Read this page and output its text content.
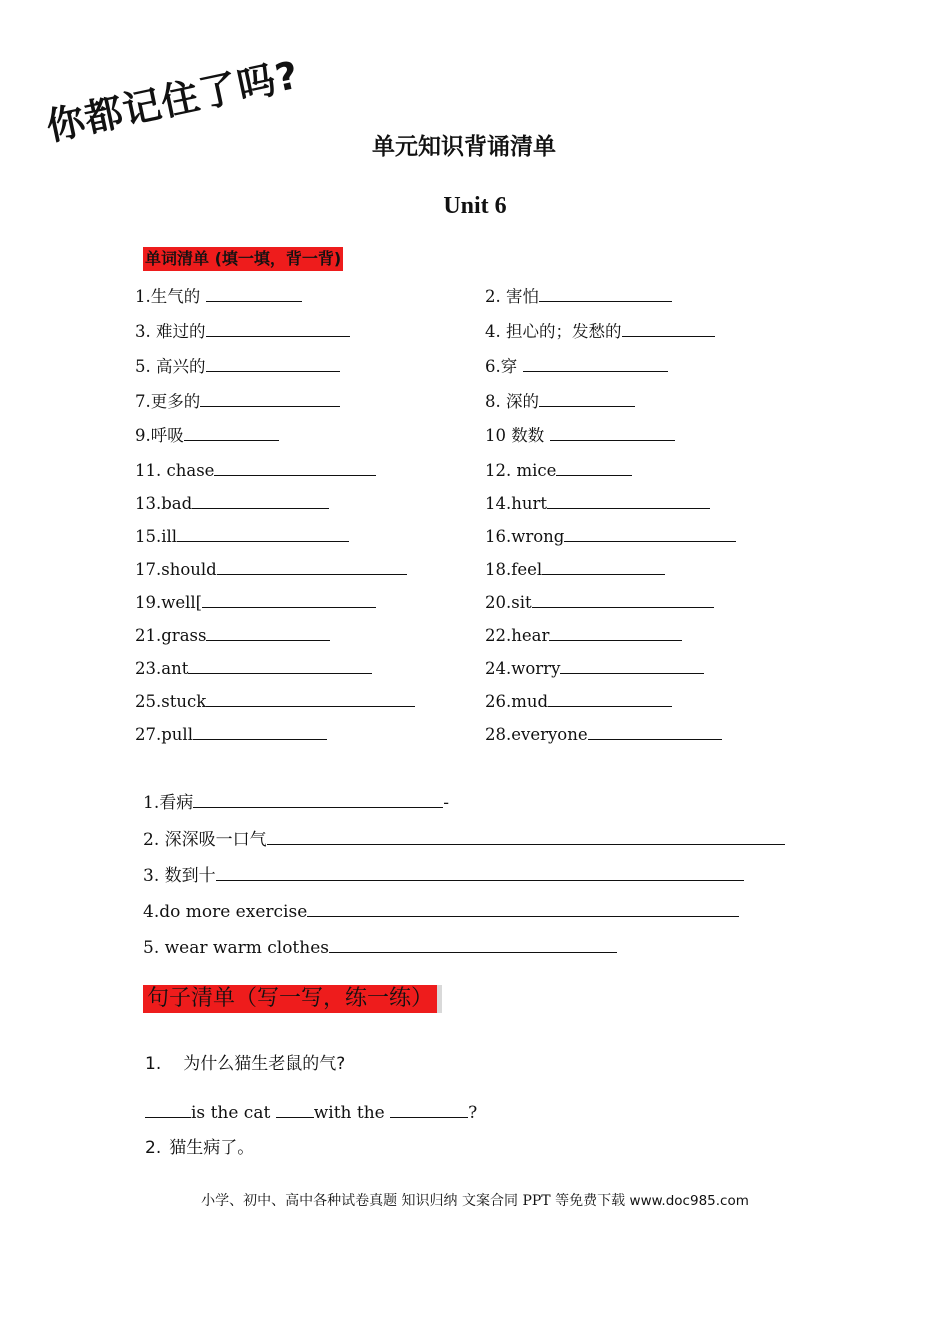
你都记住了吗?	单元知识背诵清单
Unit 6
单词清单 (填一填，背一背)
1.生气的	2. 害怕
3. 难过的	4. 担心的；发愁的
5. 高兴的	6.穿
7.更多的	8. 深的
9.呼吸	10 数数
11. chase	12. mice
13.bad	14.hurt
15.ill	16.wrong
17.should	18.feel
19.well[	20.sit
21.grass	22.hear
23.ant	24.worry
25.stuck	26.mud
27.pull	28.everyone
1.看病	-
2. 深深吸一口气
3. 数到十
4.do more exercise
5. wear warm clothes
句子清单（写一写，练一练）
1. 为什么猫生老鼠的气?
is the cat with the	?
2. 猫生病了。
小学、初中、高中各种试卷真题 知识归纳 文案合同 PPT 等免费下载 www.doc985.com
